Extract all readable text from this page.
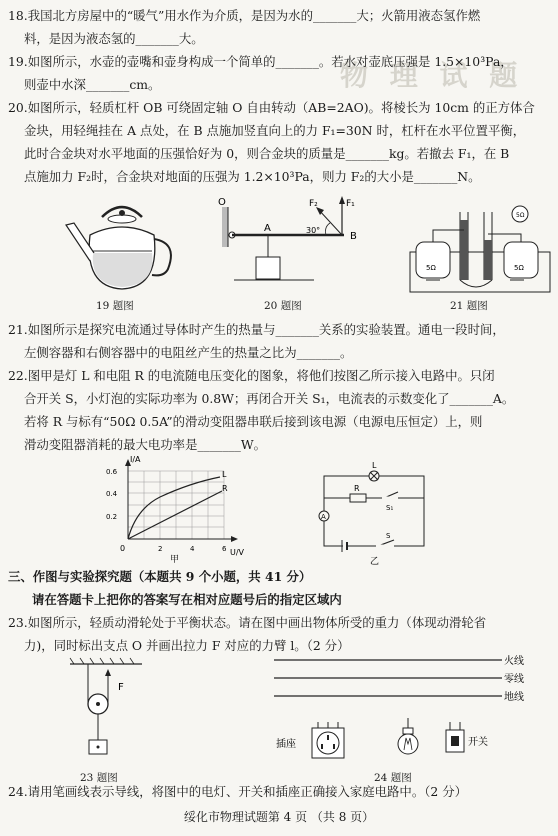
物 理 试 题
18.我国北方房屋中的“暖气”用水作为介质，是因为水的_______大；火箭用液态氢作燃
料，是因为液态氢的_______大。
19.如图所示，水壶的壶嘴和壶身构成一个简单的_______。若水对壶底压强是 1.5×10³Pa，
则壶中水深_______cm。
20.如图所示，轻质杠杆 OB 可绕固定轴 O 自由转动（AB=2AO)。将棱长为 10cm 的正方体合
金块，用轻绳挂在 A 点处，在 B 点施加竖直向上的力 F₁=30N 时，杠杆在水平位置平衡，
此时合金块对水平地面的压强恰好为 0，则合金块的质量是_______kg。若撤去 F₁，在 B
点施加力 F₂时，合金块对地面的压强为 1.2×10³Pa，则力 F₂的大小是_______N。
19 题图
O
A
B
F₂	F₁
30°
20 题图
5Ω	5Ω
5Ω
21 题图
21.如图所示是探究电流通过导体时产生的热量与_______关系的实验装置。通电一段时间，
左侧容器和右侧容器中的电阻丝产生的热量之比为_______。
22.图甲是灯 L 和电阻 R 的电流随电压变化的图象，将他们按图乙所示接入电路中。只闭
合开关 S，小灯泡的实际功率为 0.8W；再闭合开关 S₁，电流表的示数变化了_______A。
若将 R 与标有“50Ω 0.5A”的滑动变阻器串联后接到该电源（电源电压恒定）上，则
滑动变阻器消耗的最大电功率是_______W。
I/A
U/V
0
0.6
0.4
0.2
2	4	6
L
R
甲
L
R
A
S₁
S
乙
三、作图与实验探究题（本题共 9 个小题，共 41 分）
请在答题卡上把你的答案写在相对应题号后的指定区域内
23.如图所示，轻质动滑轮处于平衡状态。请在图中画出物体所受的重力（体现动滑轮省
力)，同时标出支点 O 并画出拉力 F 对应的力臂 l。（2 分）
F
23 题图
火线
零线
地线
插座	开关
24 题图
24.请用笔画线表示导线，将图中的电灯、开关和插座正确接入家庭电路中。（2 分）
绥化市物理试题第 4 页 （共 8 页）
